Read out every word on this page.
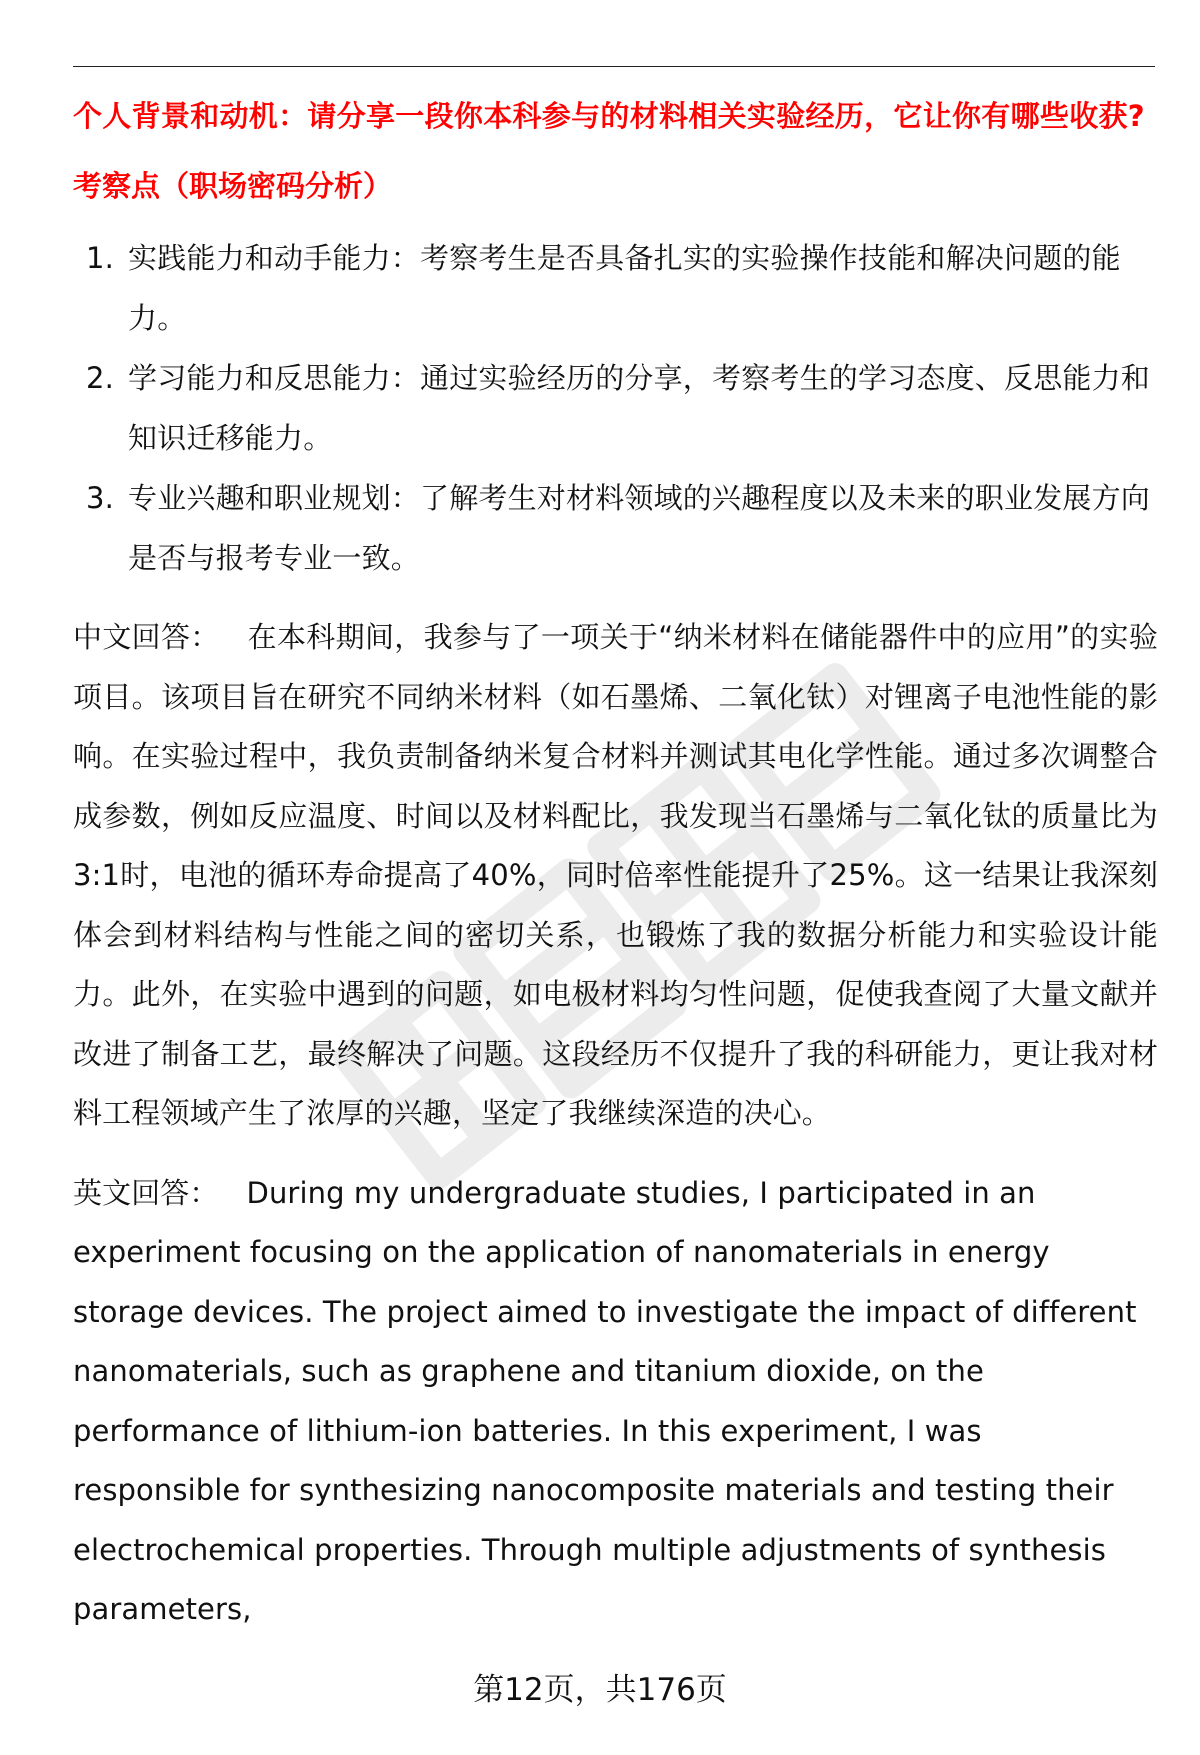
个人背景和动机：请分享一段你本科参与的材料相关实验经历，它让你有哪些收获?
考察点（职场密码分析）
1. 实践能力和动手能力：考察考生是否具备扎实的实验操作技能和解决问题的能力。
2. 学习能力和反思能力：通过实验经历的分享，考察考生的学习态度、反思能力和知识迁移能力。
3. 专业兴趣和职业规划：了解考生对材料领域的兴趣程度以及未来的职业发展方向是否与报考专业一致。

中文回答： 在本科期间，我参与了一项关于“纳米材料在储能器件中的应用”的实验项目。该项目旨在研究不同纳米材料（如石墨烯、二氧化钛）对锂离子电池性能的影响。在实验过程中，我负责制备纳米复合材料并测试其电化学性能。通过多次调整合成参数，例如反应温度、时间以及材料配比，我发现当石墨烯与二氧化钛的质量比为3:1时，电池的循环寿命提高了40%，同时倍率性能提升了25%。这一结果让我深刻体会到材料结构与性能之间的密切关系，也锻炼了我的数据分析能力和实验设计能力。此外，在实验中遇到的问题，如电极材料均匀性问题，促使我查阅了大量文献并改进了制备工艺，最终解决了问题。这段经历不仅提升了我的科研能力，更让我对材料工程领域产生了浓厚的兴趣，坚定了我继续深造的决心。

英文回答： During my undergraduate studies, I participated in an experiment focusing on the application of nanomaterials in energy storage devices. The project aimed to investigate the impact of different nanomaterials, such as graphene and titanium dioxide, on the performance of lithium-ion batteries. In this experiment, I was responsible for synthesizing nanocomposite materials and testing their electrochemical properties. Through multiple adjustments of synthesis parameters,

第12页，共176页
